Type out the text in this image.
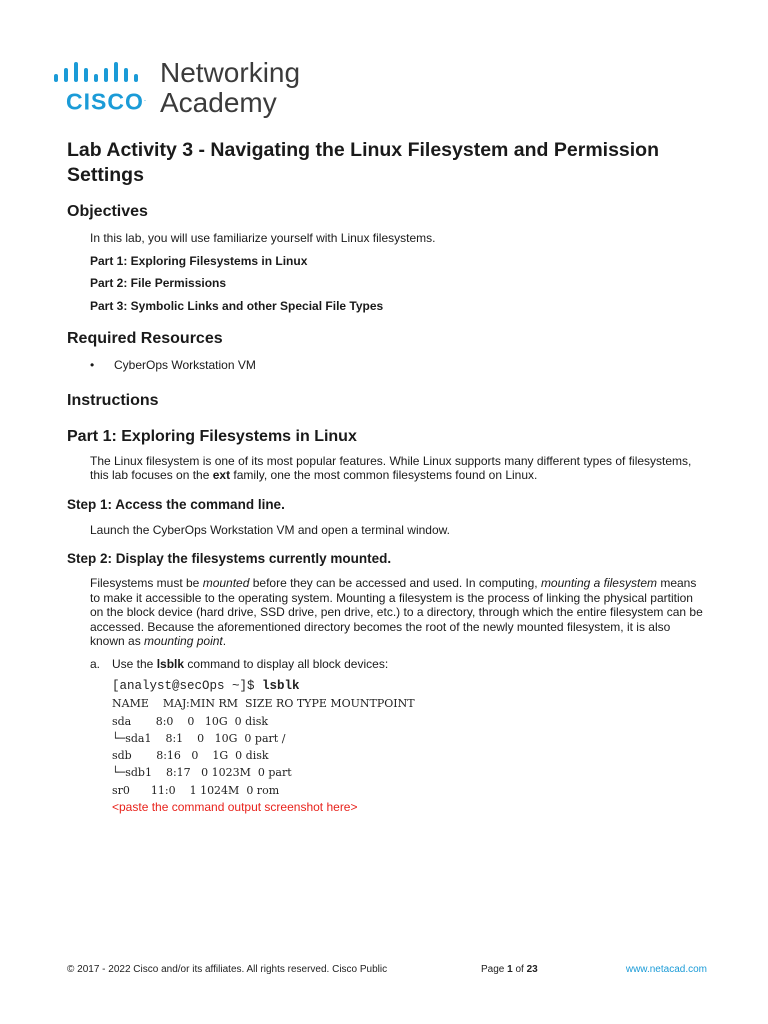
CISCO.
Networking
Academy
Lab Activity 3 - Navigating the Linux Filesystem and Permission Settings
Objectives

In this lab, you will use familiarize yourself with Linux filesystems.

Part 1: Exploring Filesystems in Linux

Part 2: File Permissions

Part 3: Symbolic Links and other Special File Types

Required Resources
• CyberOps Workstation VM
Instructions
Part 1: Exploring Filesystems in Linux

The Linux filesystem is one of its most popular features. While Linux supports many different types of filesystems, this lab focuses on the ext family, one the most common filesystems found on Linux.

Step 1: Access the command line.

Launch the CyberOps Workstation VM and open a terminal window.

Step 2: Display the filesystems currently mounted.

Filesystems must be mounted before they can be accessed and used. In computing, mounting a filesystem means to make it accessible to the operating system. Mounting a filesystem is the process of linking the physical partition on the block device (hard drive, SSD drive, pen drive, etc.) to a directory, through which the entire filesystem can be accessed. Because the aforementioned directory becomes the root of the newly mounted filesystem, it is also known as mounting point.

a. Use the lsblk command to display all block devices:

[analyst@secOps ~]$ lsblk
NAME    MAJ:MIN RM  SIZE RO TYPE MOUNTPOINT
sda       8:0    0   10G  0 disk
└─sda1    8:1    0   10G  0 part /
sdb       8:16   0    1G  0 disk
└─sdb1    8:17   0 1023M  0 part
sr0      11:0    1 1024M  0 rom
<paste the command output screenshot here>
© 2017 - 2022 Cisco and/or its affiliates. All rights reserved. Cisco Public	Page 1 of 23	www.netacad.com
